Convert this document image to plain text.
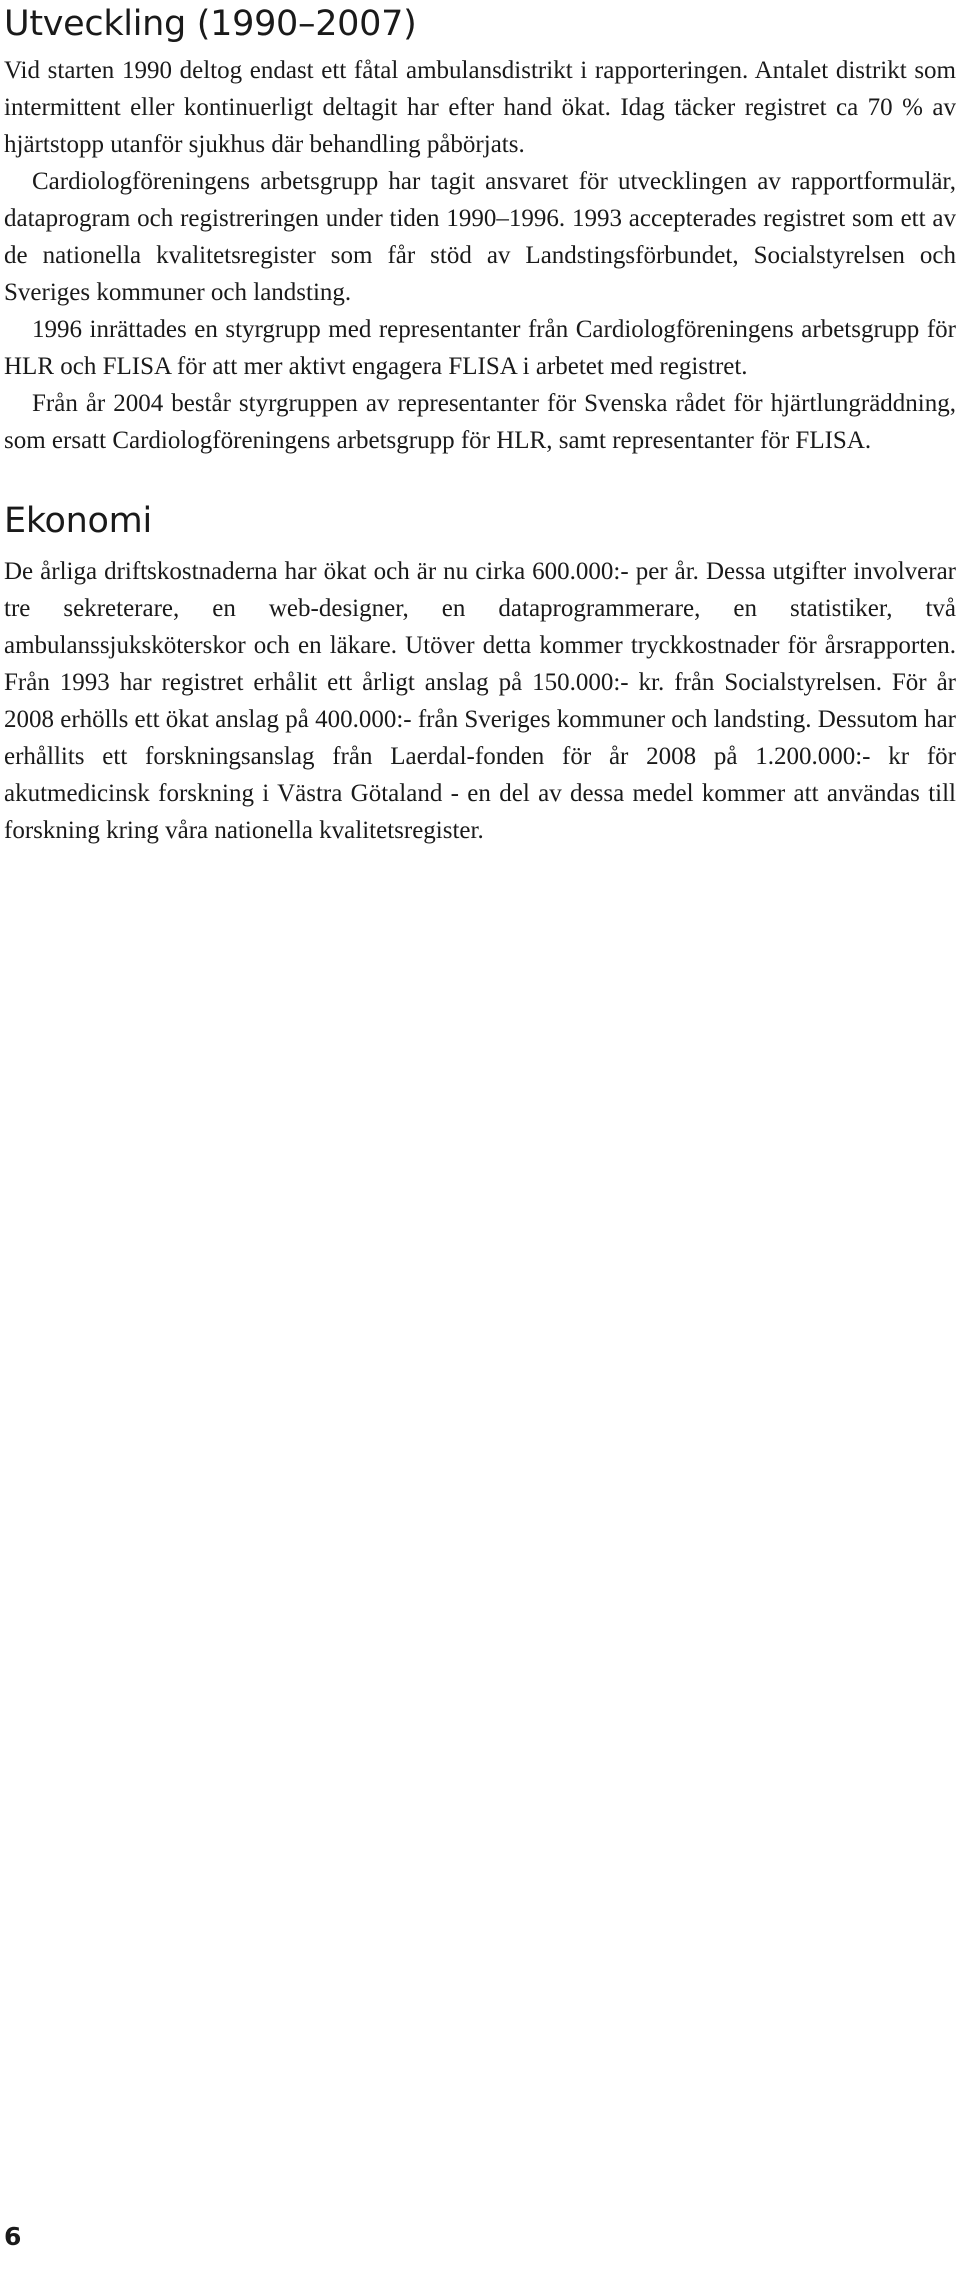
Utveckling (1990–2007)

Vid starten 1990 deltog endast ett fåtal ambulansdistrikt i rapporteringen. Antalet distrikt som intermittent eller kontinuerligt deltagit har efter hand ökat. Idag täcker registret ca 70 % av hjärtstopp utanför sjukhus där behandling påbörjats.

Cardiologföreningens arbetsgrupp har tagit ansvaret för utvecklingen av rapportformulär, dataprogram och registreringen under tiden 1990–1996. 1993 accepterades registret som ett av de nationella kvalitetsregister som får stöd av Landstingsförbundet, Socialstyrelsen och Sveriges kommuner och landsting.

1996 inrättades en styrgrupp med representanter från Cardiologföreningens arbetsgrupp för HLR och FLISA för att mer aktivt engagera FLISA i arbetet med registret.

Från år 2004 består styrgruppen av representanter för Svenska rådet för hjärtlungräddning, som ersatt Cardiologföreningens arbetsgrupp för HLR, samt representanter för FLISA.

Ekonomi

De årliga driftskostnaderna har ökat och är nu cirka 600.000:- per år. Dessa utgifter involverar tre sekreterare, en web-designer, en dataprogrammerare, en statistiker, två ambulanssjuksköterskor och en läkare. Utöver detta kommer tryckkostnader för årsrapporten. Från 1993 har registret erhålit ett årligt anslag på 150.000:- kr. från Socialstyrelsen. För år 2008 erhölls ett ökat anslag på 400.000:- från Sveriges kommuner och landsting. Dessutom har erhållits ett forskningsanslag från Laerdal-fonden för år 2008 på 1.200.000:- kr för akutmedicinsk forskning i Västra Götaland - en del av dessa medel kommer att användas till forskning kring våra nationella kvalitetsregister.

6
